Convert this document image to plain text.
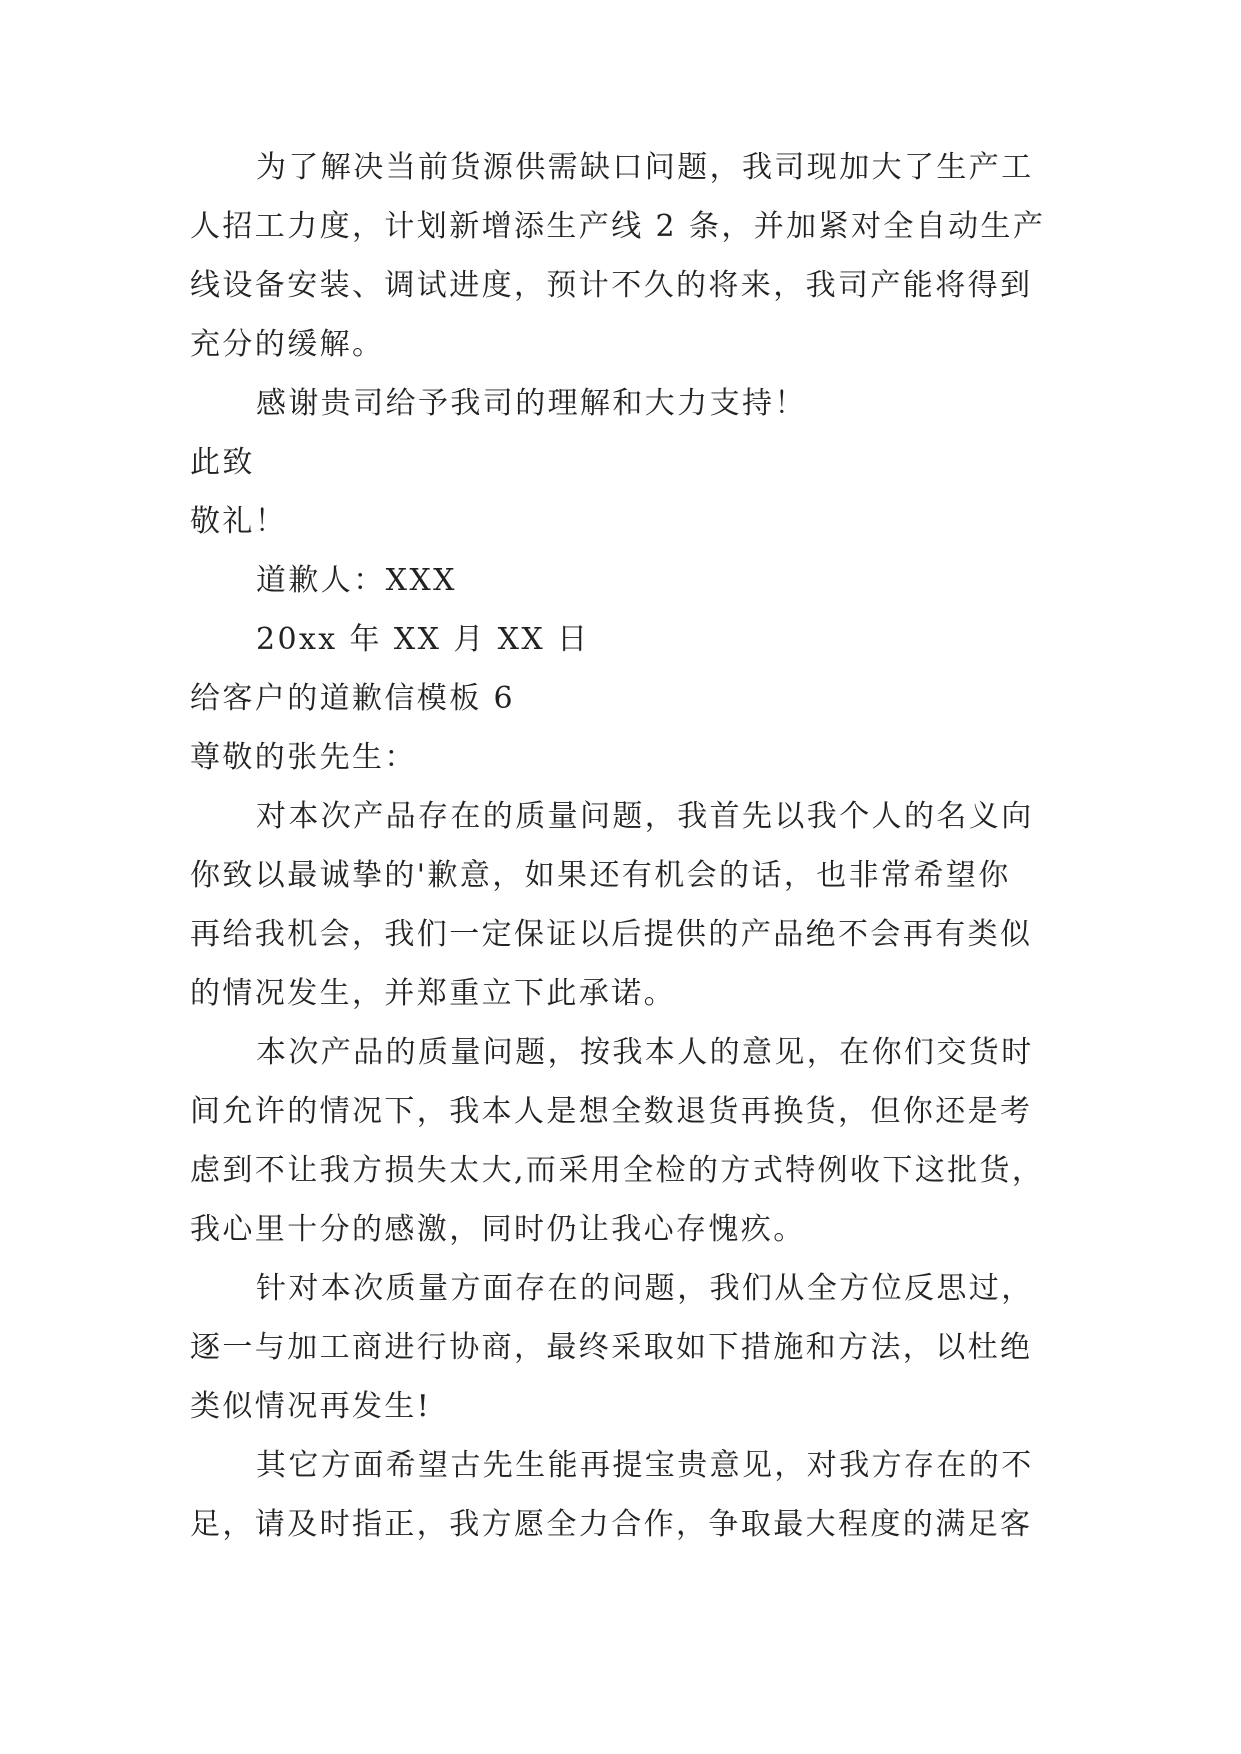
为了解决当前货源供需缺口问题，我司现加大了生产工
人招工力度，计划新增添生产线 2 条，并加紧对全自动生产
线设备安装、调试进度，预计不久的将来，我司产能将得到
充分的缓解。
感谢贵司给予我司的理解和大力支持！
此致
敬礼！
道歉人：XXX
20xx 年 XX 月 XX 日
给客户的道歉信模板 6
尊敬的张先生：
对本次产品存在的质量问题，我首先以我个人的名义向
你致以最诚挚的'歉意，如果还有机会的话，也非常希望你
再给我机会，我们一定保证以后提供的产品绝不会再有类似
的情况发生，并郑重立下此承诺。
本次产品的质量问题，按我本人的意见，在你们交货时
间允许的情况下，我本人是想全数退货再换货，但你还是考
虑到不让我方损失太大,而采用全检的方式特例收下这批货，
我心里十分的感激，同时仍让我心存愧疚。
针对本次质量方面存在的问题，我们从全方位反思过，
逐一与加工商进行协商，最终采取如下措施和方法，以杜绝
类似情况再发生!
其它方面希望古先生能再提宝贵意见，对我方存在的不
足，请及时指正，我方愿全力合作，争取最大程度的满足客
